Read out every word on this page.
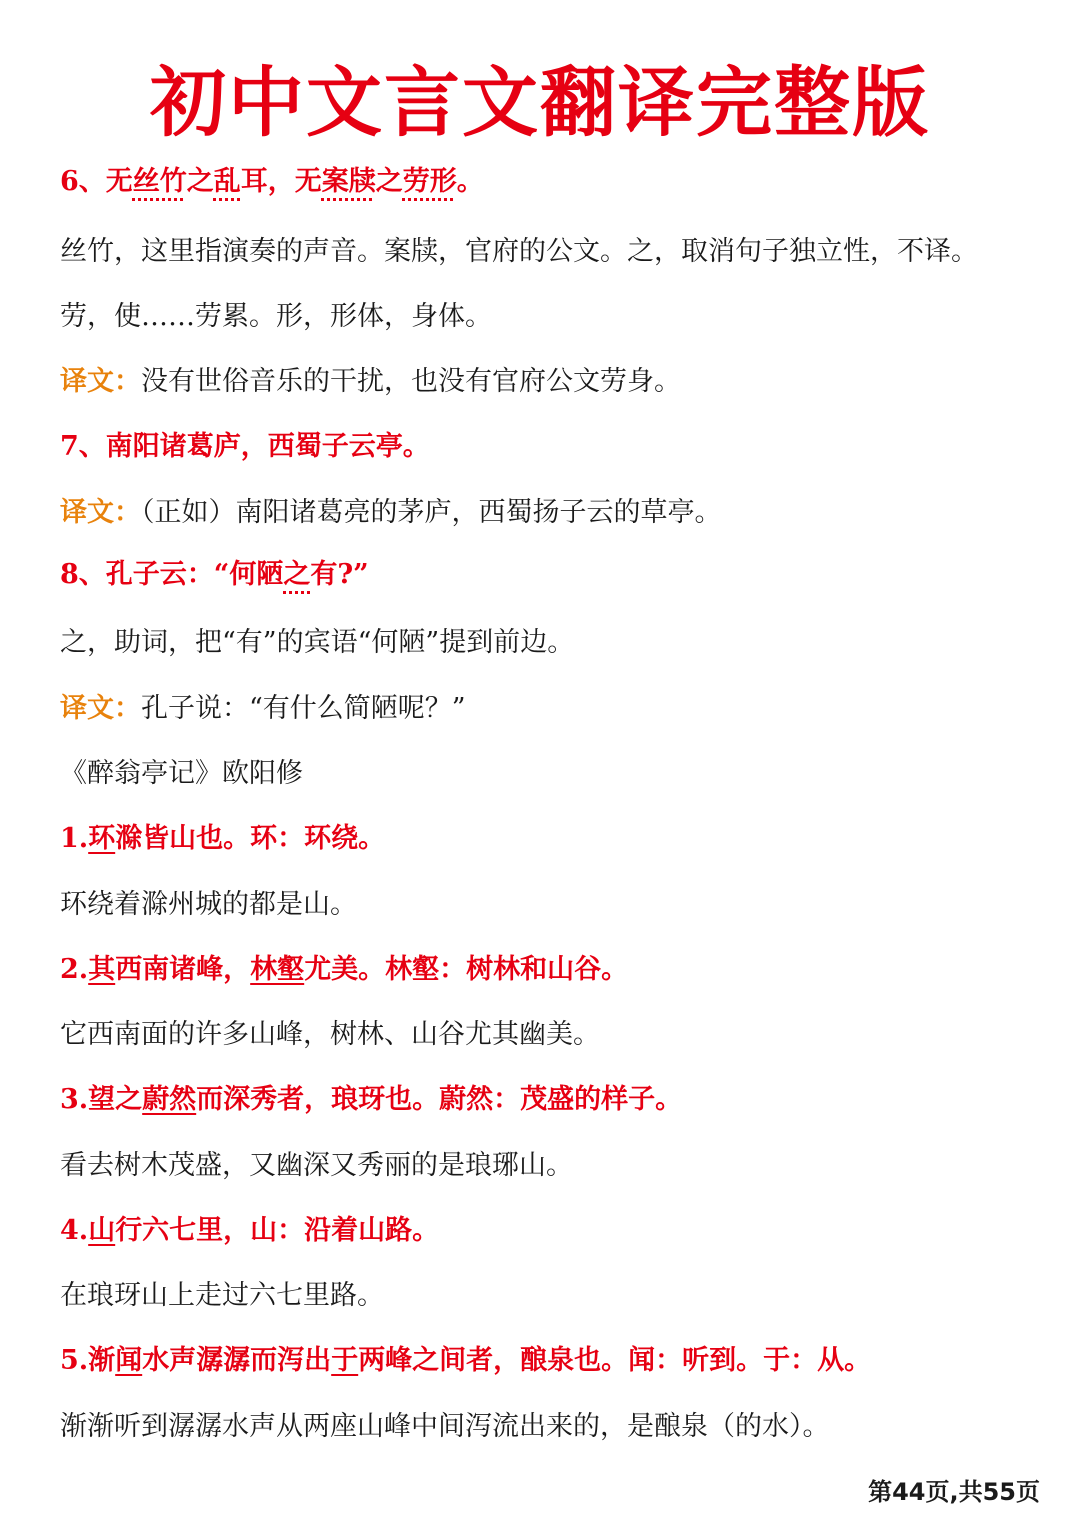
初中文言文翻译完整版
6、无丝竹之乱耳，无案牍之劳形。
丝竹，这里指演奏的声音。案牍，官府的公文。之，取消句子独立性，不译。
劳，使……劳累。形，形体，身体。
译文：没有世俗音乐的干扰，也没有官府公文劳身。
7、南阳诸葛庐，西蜀子云亭。
译文：（正如）南阳诸葛亮的茅庐，西蜀扬子云的草亭。
8、孔子云：“何陋之有?”
之，助词，把“有”的宾语“何陋”提到前边。
译文：孔子说：“有什么简陋呢？”
《醉翁亭记》欧阳修
1.环滁皆山也。环：环绕。
环绕着滁州城的都是山。
2.其西南诸峰，林壑尤美。林壑：树林和山谷。
它西南面的许多山峰，树林、山谷尤其幽美。
3.望之蔚然而深秀者，琅玡也。蔚然：茂盛的样子。
看去树木茂盛，又幽深又秀丽的是琅琊山。
4.山行六七里，山：沿着山路。
在琅玡山上走过六七里路。
5.渐闻水声潺潺而泻出于两峰之间者，酿泉也。闻：听到。于：从。
渐渐听到潺潺水声从两座山峰中间泻流出来的，是酿泉（的水）。
第44页,共55页
